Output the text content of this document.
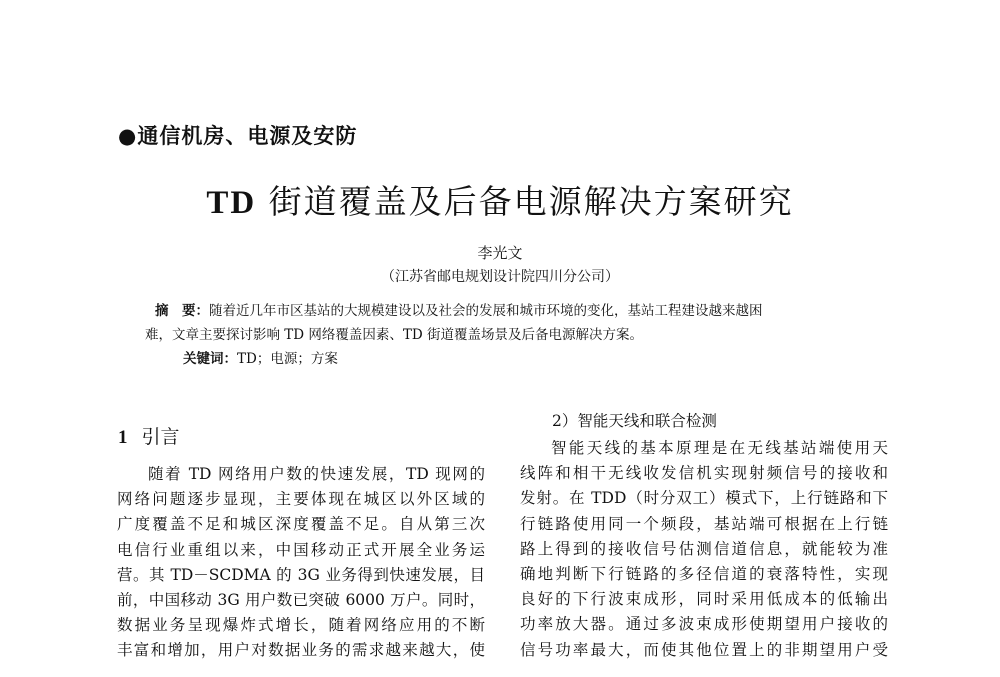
●通信机房、电源及安防
TD 街道覆盖及后备电源解决方案研究
李光文
（江苏省邮电规划设计院四川分公司）
摘　要：随着近几年市区基站的大规模建设以及社会的发展和城市环境的变化，基站工程建设越来越困
难，文章主要探讨影响 TD 网络覆盖因素、TD 街道覆盖场景及后备电源解决方案。
关键词：TD；电源；方案
1 引言
随着 TD 网络用户数的快速发展，TD 现网的
网络问题逐步显现，主要体现在城区以外区域的
广度覆盖不足和城区深度覆盖不足。自从第三次
电信行业重组以来，中国移动正式开展全业务运
营。其 TD－SCDMA 的 3G 业务得到快速发展，目
前，中国移动 3G 用户数已突破 6000 万户。同时，
数据业务呈现爆炸式增长，随着网络应用的不断
丰富和增加，用户对数据业务的需求越来越大，使
2）智能天线和联合检测
智能天线的基本原理是在无线基站端使用天
线阵和相干无线收发信机实现射频信号的接收和
发射。在 TDD（时分双工）模式下，上行链路和下
行链路使用同一个频段，基站端可根据在上行链
路上得到的接收信号估测信道信息，就能较为准
确地判断下行链路的多径信道的衰落特性，实现
良好的下行波束成形，同时采用低成本的低输出
功率放大器。通过多波束成形使期望用户接收的
信号功率最大，而使其他位置上的非期望用户受
